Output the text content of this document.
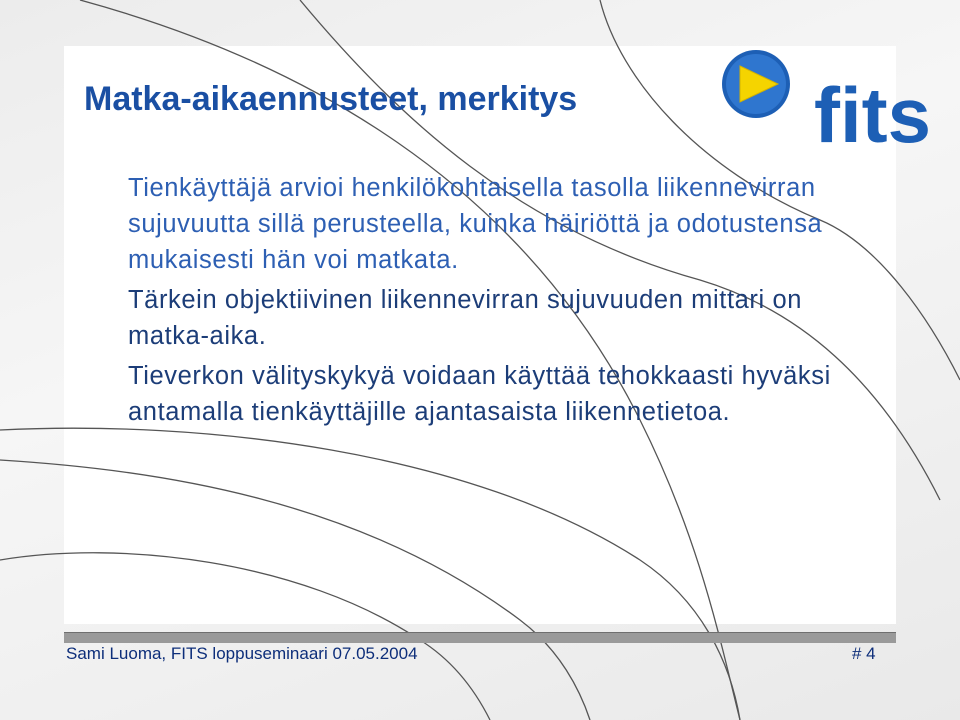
fits
Matka-aikaennusteet, merkitys

Tienkäyttäjä arvioi henkilökohtaisella tasolla liikennevirran sujuvuutta sillä perusteella, kuinka häiriöttä ja odotustensa mukaisesti hän voi matkata.

Tärkein objektiivinen liikennevirran sujuvuuden mittari on matka-aika.

Tieverkon välityskykyä voidaan käyttää tehokkaasti hyväksi antamalla tienkäyttäjille ajantasaista liikennetietoa.

Sami Luoma, FITS loppuseminaari 07.05.2004	# 4
